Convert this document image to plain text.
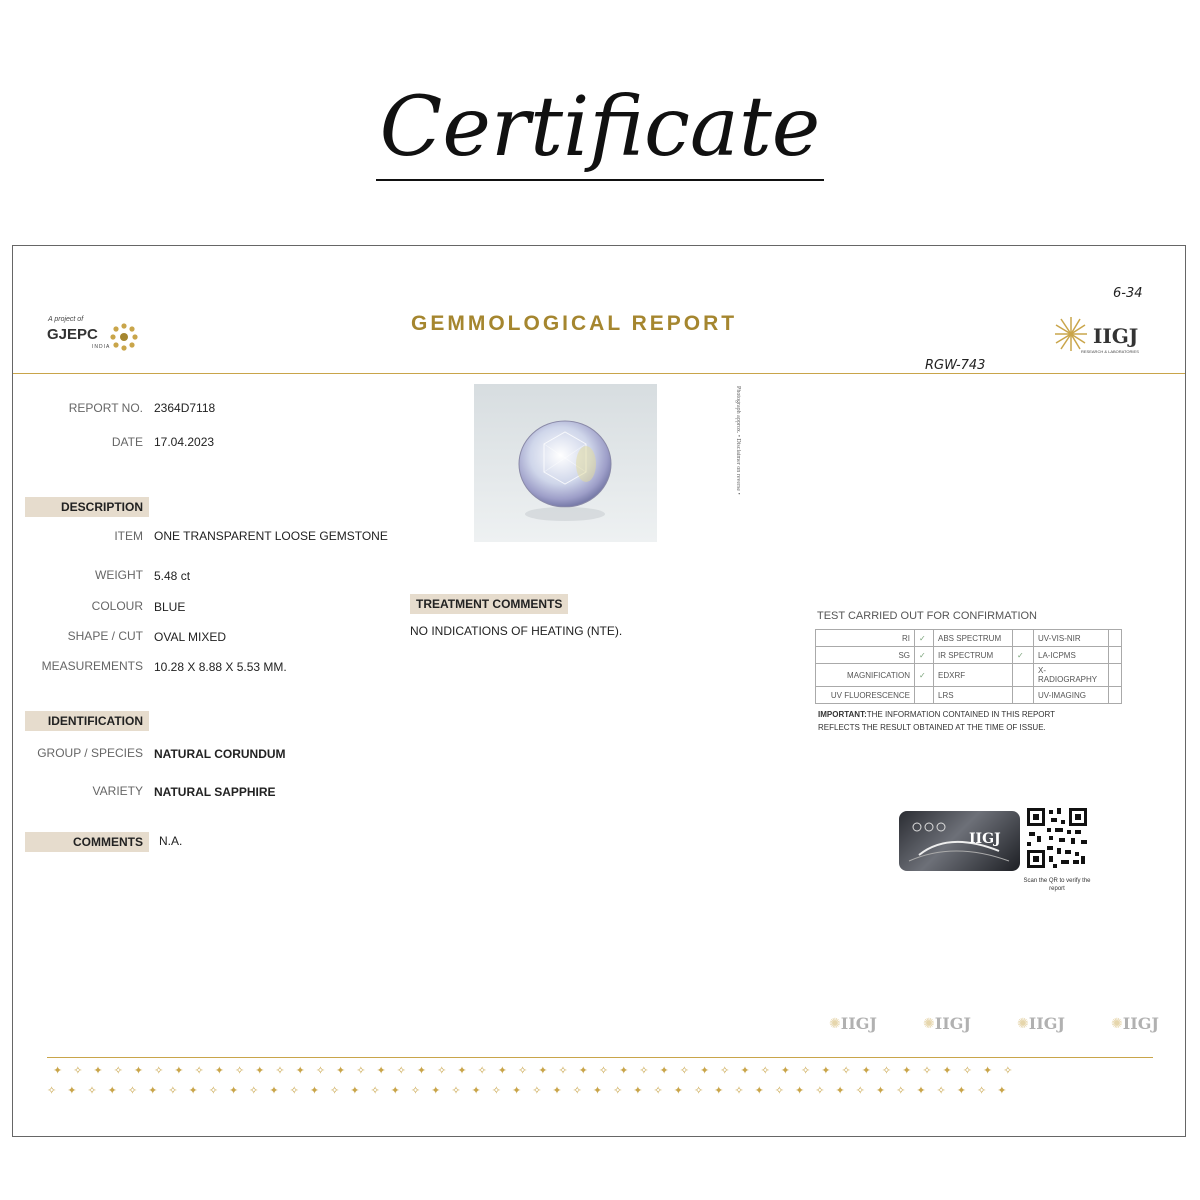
Certificate
A project of
GJEPC
INDIA
GEMMOLOGICAL REPORT
6-34
IIGJ
RESEARCH & LABORATORIES
RGW-743
REPORT NO. 2364D7118
DATE 17.04.2023
DESCRIPTION
ITEM ONE TRANSPARENT LOOSE GEMSTONE
WEIGHT 5.48 ct
COLOUR BLUE
SHAPE / CUT OVAL MIXED
MEASUREMENTS 10.28 X 8.88 X 5.53 MM.
IDENTIFICATION
GROUP / SPECIES NATURAL CORUNDUM
VARIETY NATURAL SAPPHIRE
COMMENTS	N.A.
Photograph approx. • Disclaimer on reverse •
TREATMENT COMMENTS
NO INDICATIONS OF HEATING (NTE).
TEST CARRIED OUT FOR CONFIRMATION
RI	✓	ABS SPECTRUM		UV-VIS-NIR	
SG	✓	IR SPECTRUM	✓	LA-ICPMS	
MAGNIFICATION	✓	EDXRF		X-RADIOGRAPHY	
UV FLUORESCENCE		LRS		UV-IMAGING	
IMPORTANT:THE INFORMATION CONTAINED IN THIS REPORT REFLECTS THE RESULT OBTAINED AT THE TIME OF ISSUE.
IIGJ
Scan the QR to verify the report
✺ IIGJ	✺ IIGJ	✺ IIGJ	✺ IIGJ
✦✧✦✧✦✧✦✧✦✧✦✧✦✧✦✧✦✧✦✧✦✧✦✧✦✧✦✧✦✧✦✧✦✧✦✧✦✧✦✧✦✧✦✧✦✧✦✧
✧✦✧✦✧✦✧✦✧✦✧✦✧✦✧✦✧✦✧✦✧✦✧✦✧✦✧✦✧✦✧✦✧✦✧✦✧✦✧✦✧✦✧✦✧✦✧✦
